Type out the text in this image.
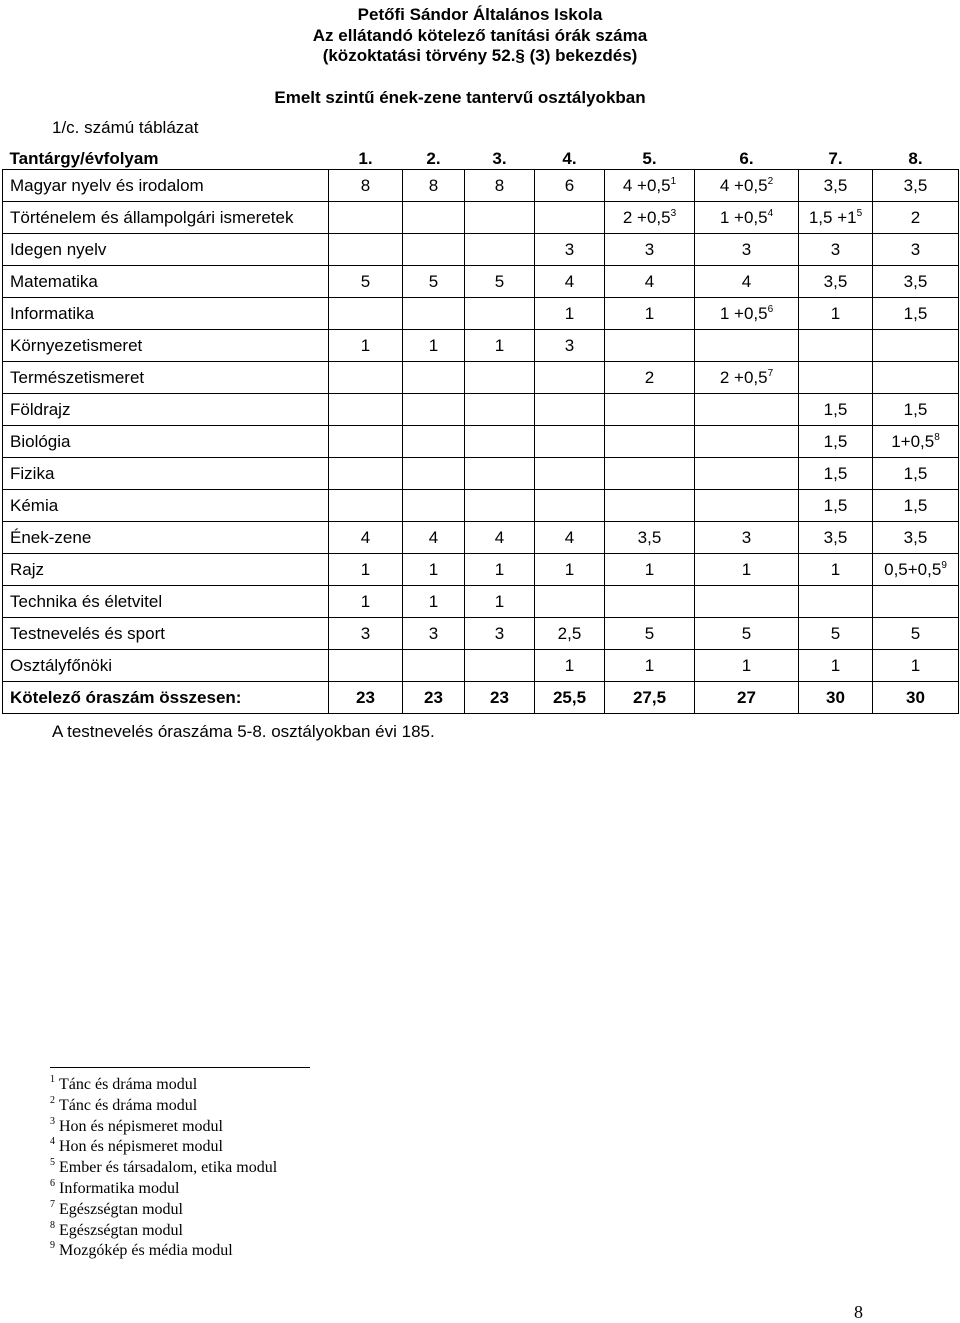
Petőfi Sándor Általános Iskola
Az ellátandó kötelező tanítási órák száma
(közoktatási törvény 52.§ (3) bekezdés)
Emelt szintű ének-zene tantervű osztályokban
1/c. számú táblázat
Tantárgy/évfolyam	1.	2.	3.	4.	5.	6.	7.	8.
Magyar nyelv és irodalom	8	8	8	6	$4 +0,5^1$	$4 +0,5^2$	3,5	3,5
Történelem és állampolgári ismeretek					$2 +0,5^3$	$1 +0,5^4$	$1,5 +1^5$	2
Idegen nyelv				3	3	3	3	3
Matematika	5	5	5	4	4	4	3,5	3,5
Informatika				1	1	$1 +0,5^6$	1	1,5
Környezetismeret	1	1	1	3				
Természetismeret					2	$2 +0,5^7$		
Földrajz							1,5	1,5
Biológia							1,5	$1+0,5^8$
Fizika							1,5	1,5
Kémia							1,5	1,5
Ének-zene	4	4	4	4	3,5	3	3,5	3,5
Rajz	1	1	1	1	1	1	1	$0,5+0,5^9$
Technika és életvitel	1	1	1					
Testnevelés és sport	3	3	3	2,5	5	5	5	5
Osztályfőnöki				1	1	1	1	1
Kötelező óraszám összesen:	23	23	23	25,5	27,5	27	30	30
A testnevelés óraszáma 5-8. osztályokban évi 185.
$^1$ Tánc és dráma modul
$^2$ Tánc és dráma modul
$^3$ Hon és népismeret modul
$^4$ Hon és népismeret modul
$^5$ Ember és társadalom, etika modul
$^6$ Informatika modul
$^7$ Egészségtan modul
$^8$ Egészségtan modul
$^9$ Mozgókép és média modul
8
